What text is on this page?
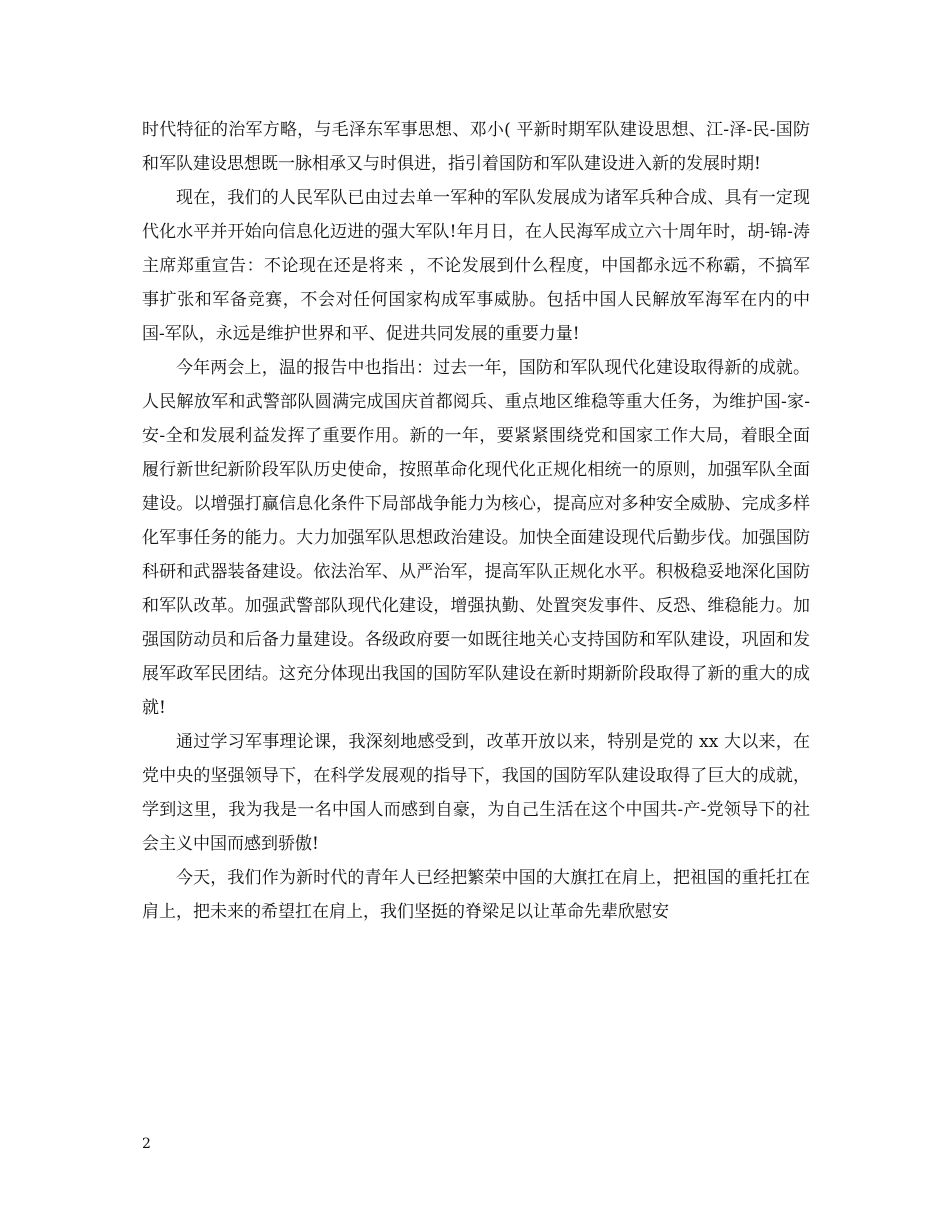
时代特征的治军方略，与毛泽东军事思想、邓小( 平新时期军队建设思想、江-泽-民-国防和军队建设思想既一脉相承又与时俱进，指引着国防和军队建设进入新的发展时期!

现在，我们的人民军队已由过去单一军种的军队发展成为诸军兵种合成、具有一定现代化水平并开始向信息化迈进的强大军队!年月日，在人民海军成立六十周年时，胡-锦-涛主席郑重宣告：不论现在还是将来 ，不论发展到什么程度，中国都永远不称霸，不搞军事扩张和军备竞赛，不会对任何国家构成军事威胁。包括中国人民解放军海军在内的中国-军队，永远是维护世界和平、促进共同发展的重要力量!

今年两会上，温的报告中也指出：过去一年，国防和军队现代化建设取得新的成就。人民解放军和武警部队圆满完成国庆首都阅兵、重点地区维稳等重大任务，为维护国-家-安-全和发展利益发挥了重要作用。新的一年，要紧紧围绕党和国家工作大局，着眼全面履行新世纪新阶段军队历史使命，按照革命化现代化正规化相统一的原则，加强军队全面建设。以增强打赢信息化条件下局部战争能力为核心，提高应对多种安全威胁、完成多样化军事任务的能力。大力加强军队思想政治建设。加快全面建设现代后勤步伐。加强国防科研和武器装备建设。依法治军、从严治军，提高军队正规化水平。积极稳妥地深化国防和军队改革。加强武警部队现代化建设，增强执勤、处置突发事件、反恐、维稳能力。加强国防动员和后备力量建设。各级政府要一如既往地关心支持国防和军队建设，巩固和发展军政军民团结。这充分体现出我国的国防军队建设在新时期新阶段取得了新的重大的成就!

通过学习军事理论课，我深刻地感受到，改革开放以来，特别是党的 xx 大以来，在党中央的坚强领导下，在科学发展观的指导下，我国的国防军队建设取得了巨大的成就，学到这里，我为我是一名中国人而感到自豪，为自己生活在这个中国共-产-党领导下的社会主义中国而感到骄傲!

今天，我们作为新时代的青年人已经把繁荣中国的大旗扛在肩上，把祖国的重托扛在肩上，把未来的希望扛在肩上，我们坚挺的脊梁足以让革命先辈欣慰安

2
